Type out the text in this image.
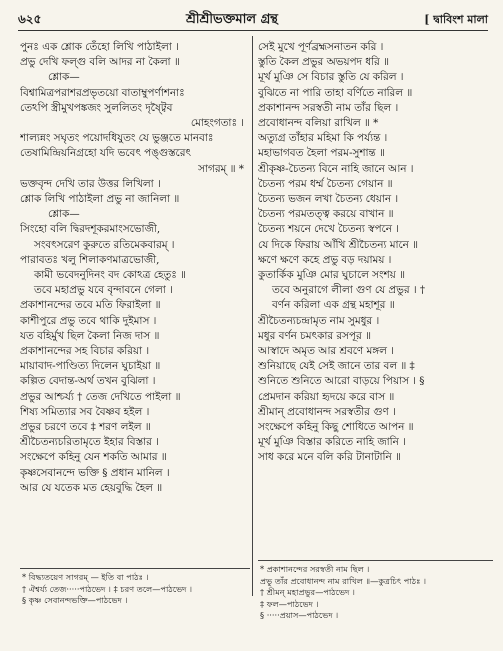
৬২৫	শ্রীশ্রীভক্তমাল গ্রন্থ	[ দ্বাবিংশ মালা
পুনঃ এক শ্লোক তেঁহো লিখি পাঠাইলা ।
প্রভু দেখি ফল্গু বলি আদর না কৈলা ॥
শ্লোক—
বিশ্বামিত্রপরাশরপ্রভৃতয়ো বাতাম্বুপর্ণাশনাঃ
তেঽপি স্ত্রীমুখপঙ্কজং সুললিতং দৃষ্ট্বৈব
মোহংগতাঃ ।
শাল্যন্নং সঘৃতং পয়োদধিযুতং যে ভুঞ্জতে মানবাঃ
তেষামিন্দ্রিয়নিগ্রহো যদি ভবেৎ পঙ্গুস্তরেৎ
সাগরম্ ॥ *
ভক্তবৃন্দ দেখি তার উত্তর লিখিলা ।
শ্লোক লিখি পাঠাইলা প্রভু না জানিলা ॥
শ্লোক—
সিংহো বলি দ্বিরদশূকরমাংসভোজী,
সংবৎসরেণ কুরুতে রতিমেকবারম্ ।
পারাবতঃ খলু শিলাকণমাত্রভোজী,
কামী ভবেদনুদিনং বদ কোঽত্র হেতুঃ ॥
তবে মহাপ্রভু যবে বৃন্দাবনে গেলা ।
প্রকাশানন্দের তবে মতি ফিরাইলা ॥
কাশীপুরে প্রভু তবে থাকি দুইমাস ।
যত বহির্মুখ ছিল কৈলা নিজ দাস ॥
প্রকাশানন্দের সহ বিচার করিয়া ।
মায়াবাদ-পাণ্ডিত্য দিলেন ঘুচাইয়া ॥
কল্পিত বেদান্ত-অর্থ তখন বুঝিলা ।
প্রভুর আশ্চর্য্য † তেজ দেখিতে পাইলা ॥
শিষ্য সমিত্যার সব বৈষ্ণব হইল ।
প্রভুর চরণে তবে ‡ শরণ লইল ॥
শ্রীচৈতন্যচরিতামৃতে ইহার বিস্তার ।
সংক্ষেপে কহিনু যেন শকতি আমার ॥
কৃষ্ণসেবানন্দে ভক্তি § প্রধান মানিল ।
আর যে যতেক মত হেয়বুদ্ধি হৈল ॥
সেই মুখে পূর্ণব্রহ্মসনাতন করি ।
স্তুতি কৈল প্রভুর অভয়পদ ধরি ॥
মূর্খ মুঞি সে বিচার স্তুতি যে করিল ।
বুঝিতে না পারি তাহা বর্ণিতে নারিল ॥
প্রকাশানন্দ সরস্বতী নাম তাঁর ছিল ।
প্রবোধানন্দ বলিয়া রাখিল ॥ *
অত্যুগ্র তাঁহার মহিমা কি পর্য্যন্ত ।
মহাভাগবত হৈলা পরম-সুশান্ত ॥
শ্রীকৃষ্ণ-চৈতন্য বিনে নাহি জানে আন ।
চৈতন্য পরম ধর্ম্ম চৈতন্য গেয়ান ॥
চৈতন্য ভজন লখা চৈতন্য ধেয়ান ।
চৈতন্য পরমতত্ত্ব করয়ে বাখান ॥
চৈতন্য শয়নে দেখে চৈতন্য স্বপনে ।
যে দিকে ফিরায় আঁখি শ্রীচৈতন্য মানে ॥
ক্ষণে ক্ষণে কহে প্রভু বড় দয়াময় ।
কুতার্কিক মুঞি মোর ঘুচালে সংশয় ॥
তবে অনুরাগে লীলা গুণ যে প্রভুর । †
বর্ণন করিলা এক গ্রন্থ মহাশূর ॥
শ্রীচৈতন্যচন্দ্রামৃত নাম সুমধুর ।
মধুর বর্ণন চমৎকার রসপূর ॥
আস্বাদে অমৃত আর শ্রবণে মঙ্গল ।
শুনিয়াছে যেই সেই জানে তার বল ॥ ‡
শুনিতে শুনিতে আরো বাড়য়ে পিয়াস । §
প্রেমদান করিয়া হৃদয়ে করে বাস ॥
শ্রীমান্ প্রবোধানন্দ সরস্বতীর গুণ ।
সংক্ষেপে কহিনু কিছু শোধিতে আপন ॥
মূর্খ মুঞি বিস্তার করিতে নাহি জানি ।
সাধ করে মনে বলি করি টানাটানি ॥
* বিদ্ধ্যতয়েণ সাগরম্ — ইতি বা পাঠঃ ।
† ঐশ্বর্য্য তেজ·····পাঠভেদ । ‡ চরণ তলে—পাঠভেদ ।
§ কৃষ্ণ সেবানন্দভক্তি—পাঠভেদ ।
* প্রকাশানন্দের সরস্বতী নাম ছিল ।
প্রভু তাঁর প্রবোধানন্দ নাম রাখিল ॥—কুত্রচিৎ পাঠঃ ।
† শ্রীমন্ মহাপ্রভুর—পাঠভেদ ।
‡ ফল—পাঠভেদ ।
§ ·····প্রয়াস—পাঠভেদ ।
